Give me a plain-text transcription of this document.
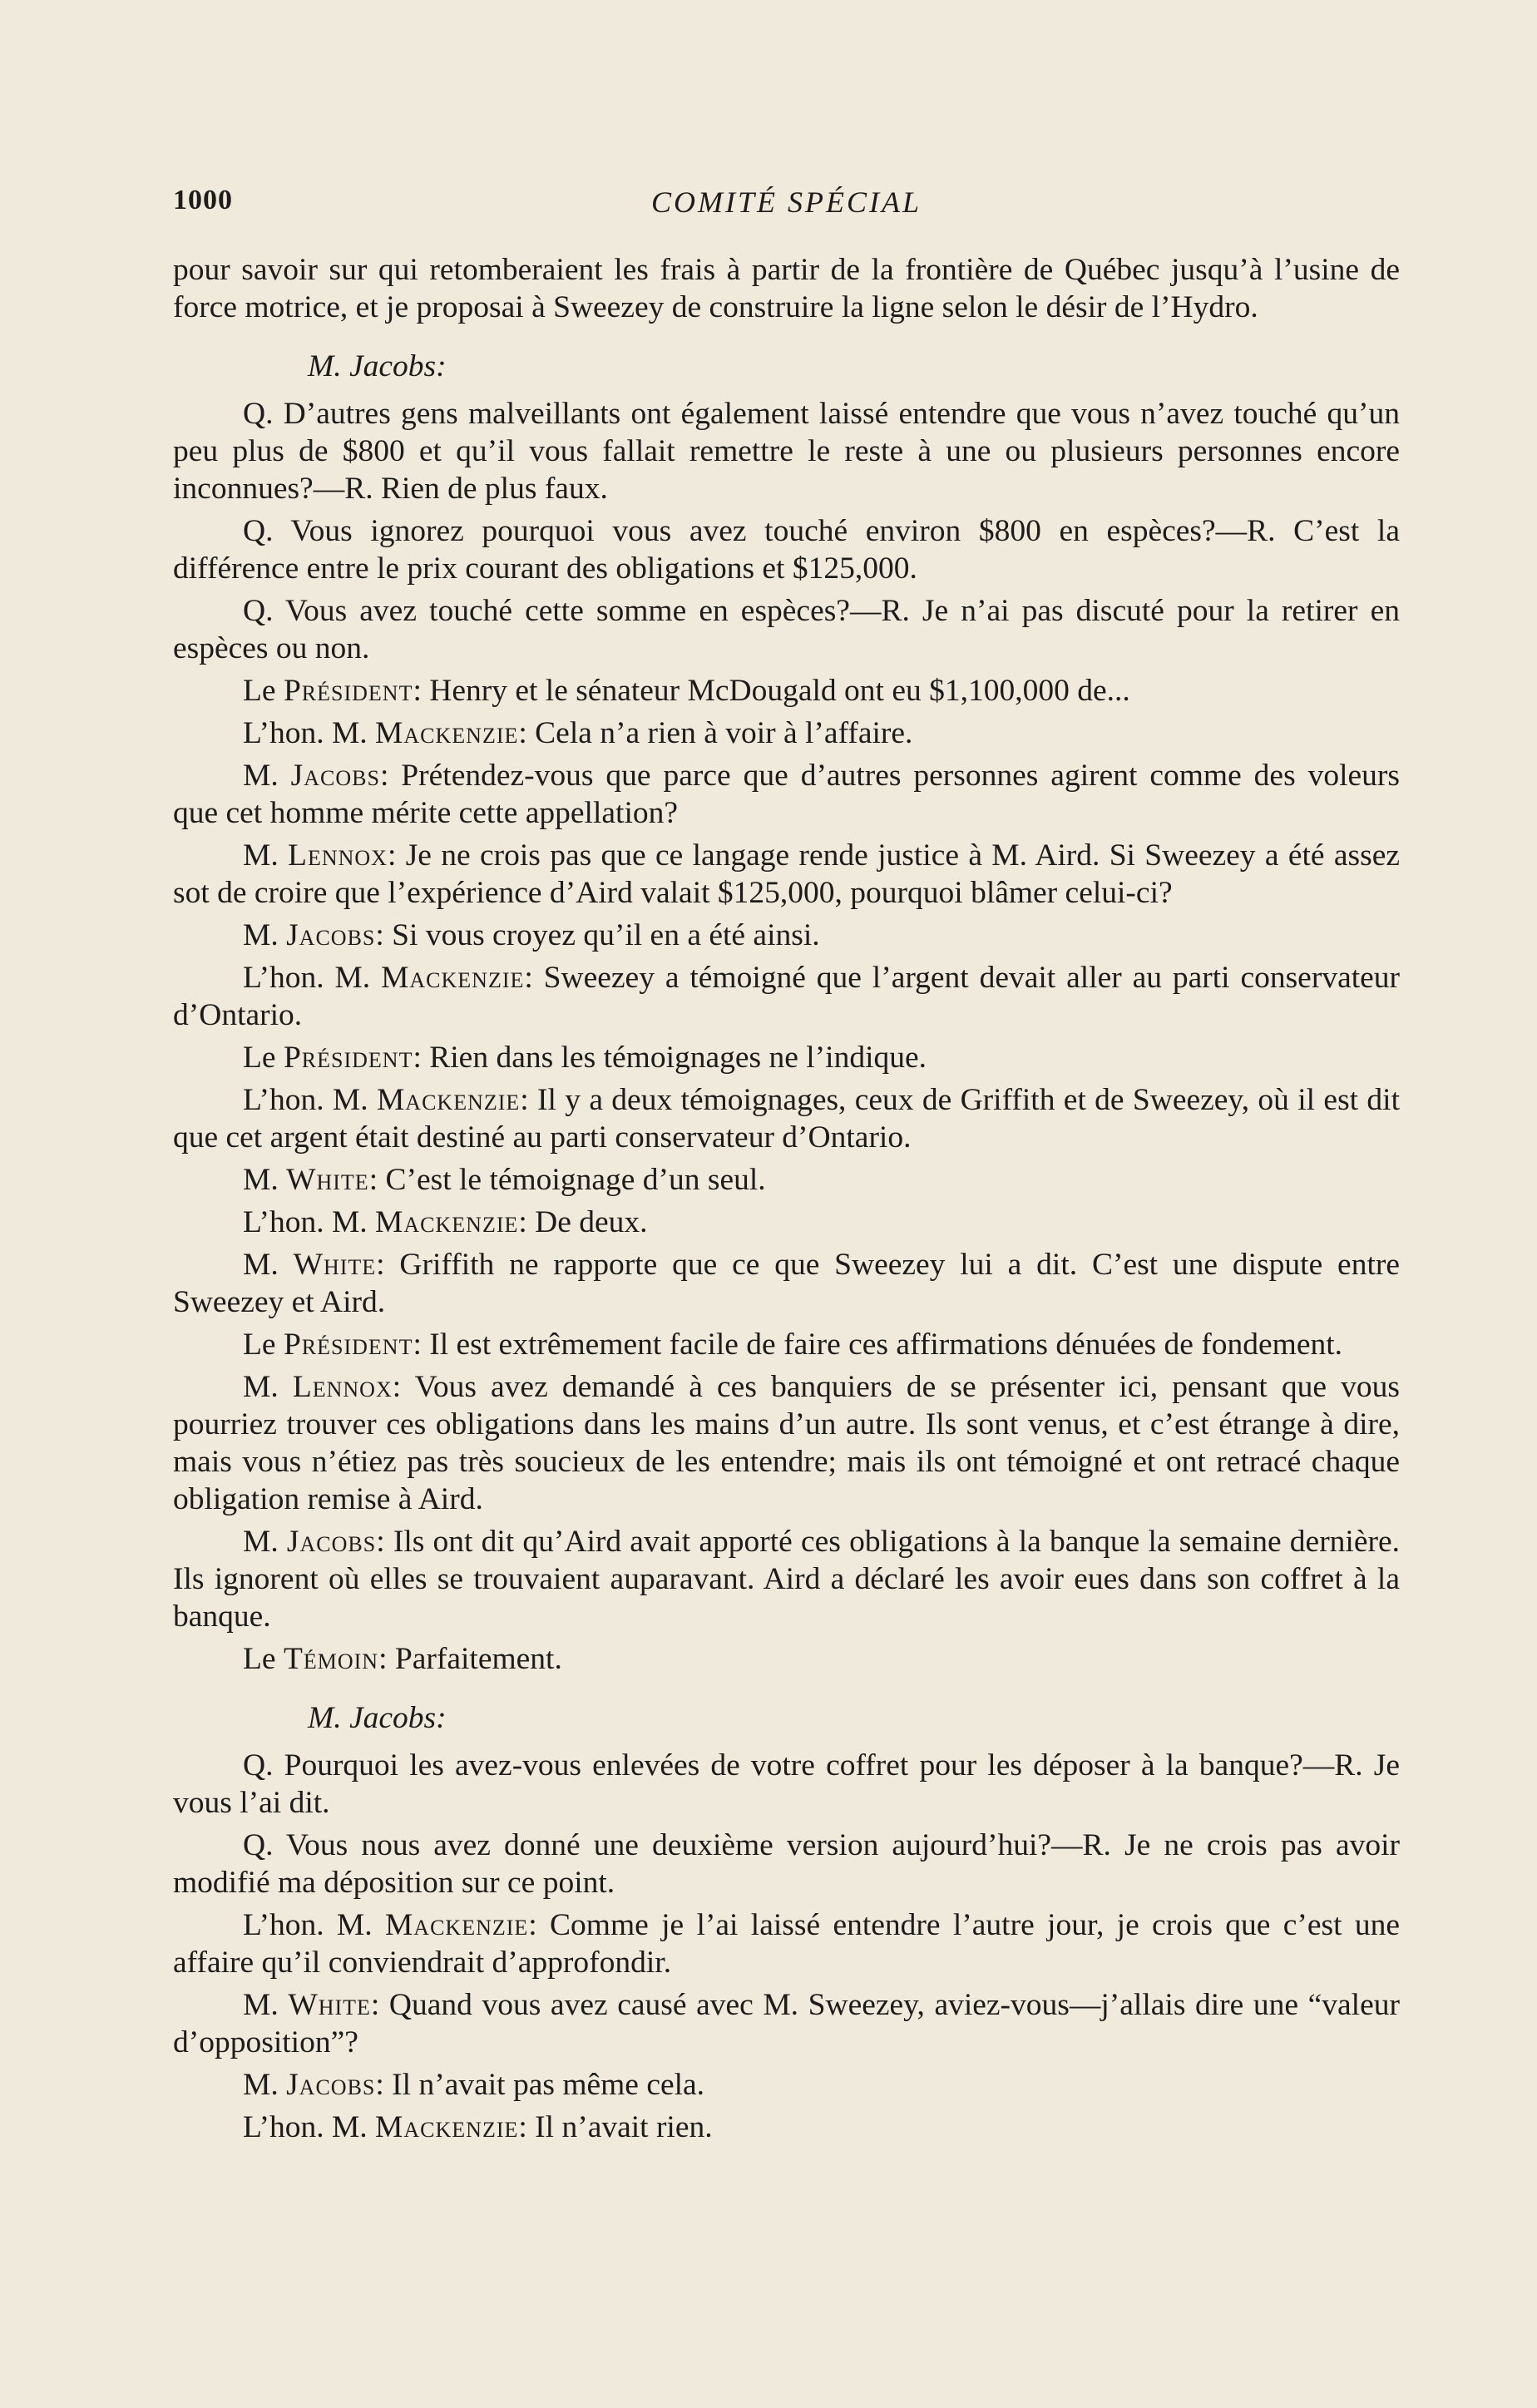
1000	COMITÉ SPÉCIAL

pour savoir sur qui retomberaient les frais à partir de la frontière de Québec jusqu’à l’usine de force motrice, et je proposai à Sweezey de construire la ligne selon le désir de l’Hydro.

M. Jacobs:

Q. D’autres gens malveillants ont également laissé entendre que vous n’avez touché qu’un peu plus de $800 et qu’il vous fallait remettre le reste à une ou plusieurs personnes encore inconnues?—R. Rien de plus faux.

Q. Vous ignorez pourquoi vous avez touché environ $800 en espèces?—R. C’est la différence entre le prix courant des obligations et $125,000.

Q. Vous avez touché cette somme en espèces?—R. Je n’ai pas discuté pour la retirer en espèces ou non.

Le Président: Henry et le sénateur McDougald ont eu $1,100,000 de...

L’hon. M. Mackenzie: Cela n’a rien à voir à l’affaire.

M. Jacobs: Prétendez-vous que parce que d’autres personnes agirent comme des voleurs que cet homme mérite cette appellation?

M. Lennox: Je ne crois pas que ce langage rende justice à M. Aird. Si Sweezey a été assez sot de croire que l’expérience d’Aird valait $125,000, pourquoi blâmer celui-ci?

M. Jacobs: Si vous croyez qu’il en a été ainsi.

L’hon. M. Mackenzie: Sweezey a témoigné que l’argent devait aller au parti conservateur d’Ontario.

Le Président: Rien dans les témoignages ne l’indique.

L’hon. M. Mackenzie: Il y a deux témoignages, ceux de Griffith et de Sweezey, où il est dit que cet argent était destiné au parti conservateur d’Ontario.

M. White: C’est le témoignage d’un seul.

L’hon. M. Mackenzie: De deux.

M. White: Griffith ne rapporte que ce que Sweezey lui a dit. C’est une dispute entre Sweezey et Aird.

Le Président: Il est extrêmement facile de faire ces affirmations dénuées de fondement.

M. Lennox: Vous avez demandé à ces banquiers de se présenter ici, pensant que vous pourriez trouver ces obligations dans les mains d’un autre. Ils sont venus, et c’est étrange à dire, mais vous n’étiez pas très soucieux de les entendre; mais ils ont témoigné et ont retracé chaque obligation remise à Aird.

M. Jacobs: Ils ont dit qu’Aird avait apporté ces obligations à la banque la semaine dernière. Ils ignorent où elles se trouvaient auparavant. Aird a déclaré les avoir eues dans son coffret à la banque.

Le Témoin: Parfaitement.

M. Jacobs:

Q. Pourquoi les avez-vous enlevées de votre coffret pour les déposer à la banque?—R. Je vous l’ai dit.

Q. Vous nous avez donné une deuxième version aujourd’hui?—R. Je ne crois pas avoir modifié ma déposition sur ce point.

L’hon. M. Mackenzie: Comme je l’ai laissé entendre l’autre jour, je crois que c’est une affaire qu’il conviendrait d’approfondir.

M. White: Quand vous avez causé avec M. Sweezey, aviez-vous—j’allais dire une “valeur d’opposition”?

M. Jacobs: Il n’avait pas même cela.

L’hon. M. Mackenzie: Il n’avait rien.
